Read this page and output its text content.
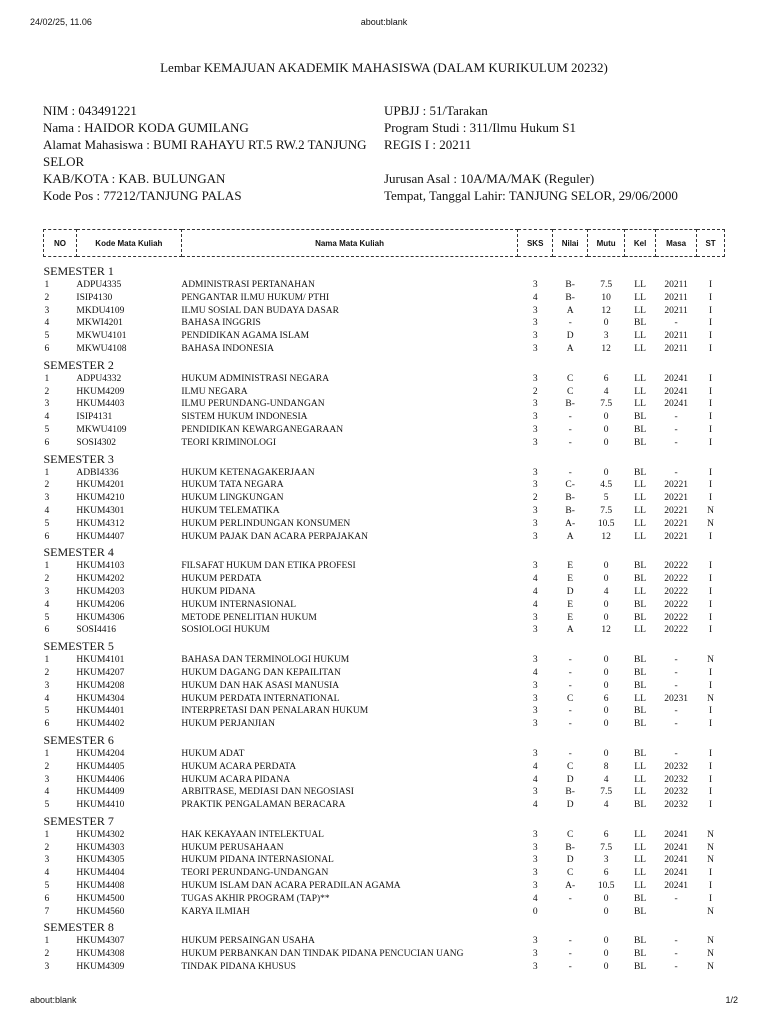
24/02/25, 11.06	about:blank
Lembar KEMAJUAN AKADEMIK MAHASISWA (DALAM KURIKULUM 20232)
NIM : 043491221
Nama : HAIDOR KODA GUMILANG
Alamat Mahasiswa : BUMI RAHAYU RT.5 RW.2 TANJUNG SELOR
KAB/KOTA : KAB. BULUNGAN
Kode Pos : 77212/TANJUNG PALAS
UPBJJ : 51/Tarakan
Program Studi : 311/Ilmu Hukum S1
REGIS I : 20211
Jurusan Asal : 10A/MA/MAK (Reguler)
Tempat, Tanggal Lahir: TANJUNG SELOR, 29/06/2000
NO	Kode Mata Kuliah	Nama Mata Kuliah	SKS	Nilai	Mutu	Kel	Masa	ST

SEMESTER 1								
1	ADPU4335	ADMINISTRASI PERTANAHAN	3	B-	7.5	LL	20211	I
2	ISIP4130	PENGANTAR ILMU HUKUM/ PTHI	4	B-	10	LL	20211	I
3	MKDU4109	ILMU SOSIAL DAN BUDAYA DASAR	3	A	12	LL	20211	I
4	MKWI4201	BAHASA INGGRIS	3	-	0	BL	-	I
5	MKWU4101	PENDIDIKAN AGAMA ISLAM	3	D	3	LL	20211	I
6	MKWU4108	BAHASA INDONESIA	3	A	12	LL	20211	I
SEMESTER 2								
1	ADPU4332	HUKUM ADMINISTRASI NEGARA	3	C	6	LL	20241	I
2	HKUM4209	ILMU NEGARA	2	C	4	LL	20241	I
3	HKUM4403	ILMU PERUNDANG-UNDANGAN	3	B-	7.5	LL	20241	I
4	ISIP4131	SISTEM HUKUM INDONESIA	3	-	0	BL	-	I
5	MKWU4109	PENDIDIKAN KEWARGANEGARAAN	3	-	0	BL	-	I
6	SOSI4302	TEORI KRIMINOLOGI	3	-	0	BL	-	I
SEMESTER 3								
1	ADBI4336	HUKUM KETENAGAKERJAAN	3	-	0	BL	-	I
2	HKUM4201	HUKUM TATA NEGARA	3	C-	4.5	LL	20221	I
3	HKUM4210	HUKUM LINGKUNGAN	2	B-	5	LL	20221	I
4	HKUM4301	HUKUM TELEMATIKA	3	B-	7.5	LL	20221	N
5	HKUM4312	HUKUM PERLINDUNGAN KONSUMEN	3	A-	10.5	LL	20221	N
6	HKUM4407	HUKUM PAJAK DAN ACARA PERPAJAKAN	3	A	12	LL	20221	I
SEMESTER 4								
1	HKUM4103	FILSAFAT HUKUM DAN ETIKA PROFESI	3	E	0	BL	20222	I
2	HKUM4202	HUKUM PERDATA	4	E	0	BL	20222	I
3	HKUM4203	HUKUM PIDANA	4	D	4	LL	20222	I
4	HKUM4206	HUKUM INTERNASIONAL	4	E	0	BL	20222	I
5	HKUM4306	METODE PENELITIAN HUKUM	3	E	0	BL	20222	I
6	SOSI4416	SOSIOLOGI HUKUM	3	A	12	LL	20222	I
SEMESTER 5								
1	HKUM4101	BAHASA DAN TERMINOLOGI HUKUM	3	-	0	BL	-	N
2	HKUM4207	HUKUM DAGANG DAN KEPAILITAN	4	-	0	BL	-	I
3	HKUM4208	HUKUM DAN HAK ASASI MANUSIA	3	-	0	BL	-	I
4	HKUM4304	HUKUM PERDATA INTERNATIONAL	3	C	6	LL	20231	N
5	HKUM4401	INTERPRETASI DAN PENALARAN HUKUM	3	-	0	BL	-	I
6	HKUM4402	HUKUM PERJANJIAN	3	-	0	BL	-	I
SEMESTER 6								
1	HKUM4204	HUKUM ADAT	3	-	0	BL	-	I
2	HKUM4405	HUKUM ACARA PERDATA	4	C	8	LL	20232	I
3	HKUM4406	HUKUM ACARA PIDANA	4	D	4	LL	20232	I
4	HKUM4409	ARBITRASE, MEDIASI DAN NEGOSIASI	3	B-	7.5	LL	20232	I
5	HKUM4410	PRAKTIK PENGALAMAN BERACARA	4	D	4	BL	20232	I
SEMESTER 7								
1	HKUM4302	HAK KEKAYAAN INTELEKTUAL	3	C	6	LL	20241	N
2	HKUM4303	HUKUM PERUSAHAAN	3	B-	7.5	LL	20241	N
3	HKUM4305	HUKUM PIDANA INTERNASIONAL	3	D	3	LL	20241	N
4	HKUM4404	TEORI PERUNDANG-UNDANGAN	3	C	6	LL	20241	I
5	HKUM4408	HUKUM ISLAM DAN ACARA PERADILAN AGAMA	3	A-	10.5	LL	20241	I
6	HKUM4500	TUGAS AKHIR PROGRAM (TAP)**	4	-	0	BL	-	I
7	HKUM4560	KARYA ILMIAH	0		0	BL		N
SEMESTER 8								
1	HKUM4307	HUKUM PERSAINGAN USAHA	3	-	0	BL	-	N
2	HKUM4308	HUKUM PERBANKAN DAN TINDAK PIDANA PENCUCIAN UANG	3	-	0	BL	-	N
3	HKUM4309	TINDAK PIDANA KHUSUS	3	-	0	BL	-	N
about:blank	1/2
